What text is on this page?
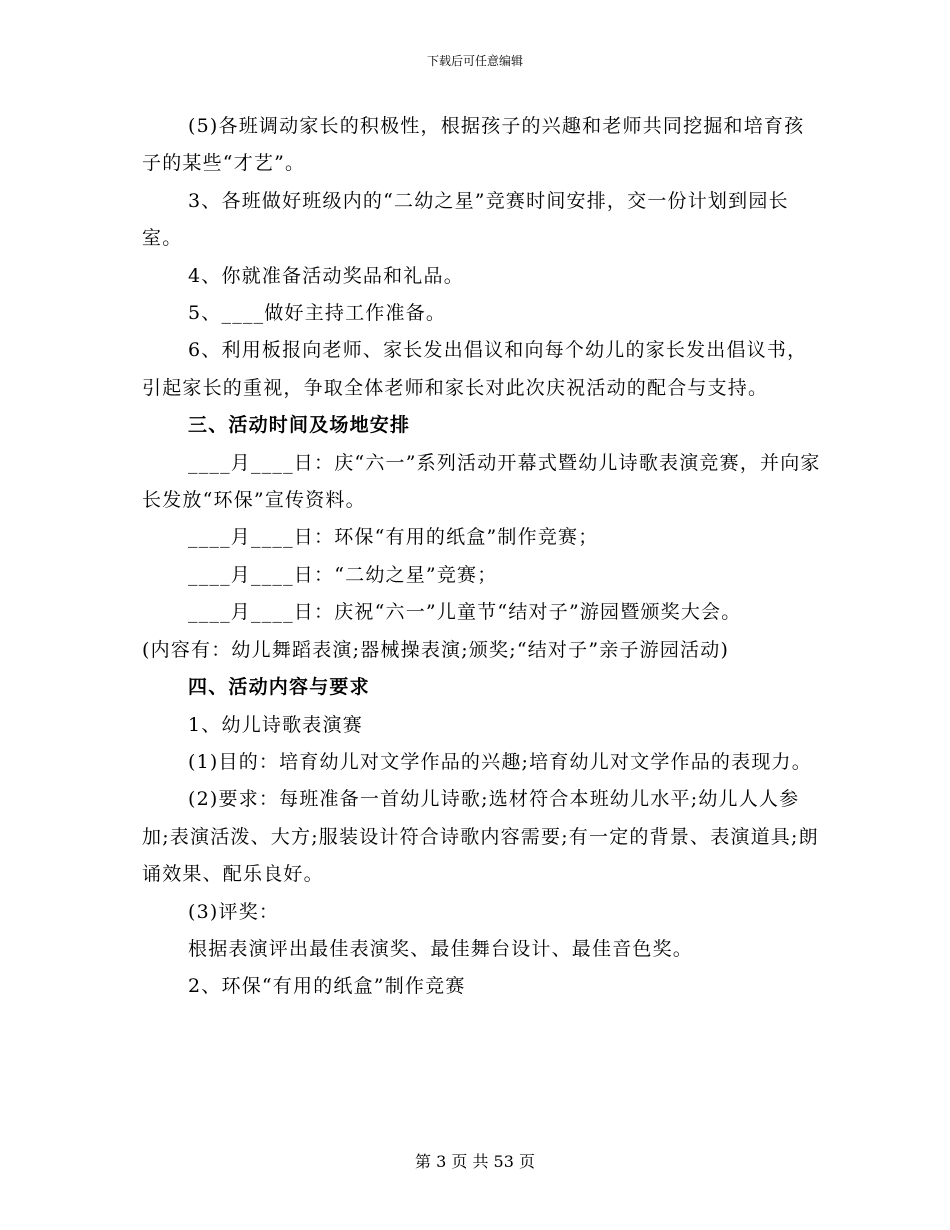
下载后可任意编辑

(5)各班调动家长的积极性，根据孩子的兴趣和老师共同挖掘和培育孩子的某些“才艺”。

3、各班做好班级内的“二幼之星”竞赛时间安排，交一份计划到园长室。

4、你就准备活动奖品和礼品。

5、____做好主持工作准备。

6、利用板报向老师、家长发出倡议和向每个幼儿的家长发出倡议书，引起家长的重视，争取全体老师和家长对此次庆祝活动的配合与支持。

三、活动时间及场地安排

____月____日：庆“六一”系列活动开幕式暨幼儿诗歌表演竞赛，并向家长发放“环保”宣传资料。

____月____日：环保“有用的纸盒”制作竞赛；

____月____日：“二幼之星”竞赛；

____月____日：庆祝“六一”儿童节“结对子”游园暨颁奖大会。

(内容有：幼儿舞蹈表演;器械操表演;颁奖;“结对子”亲子游园活动)

四、活动内容与要求

1、幼儿诗歌表演赛

(1)目的：培育幼儿对文学作品的兴趣;培育幼儿对文学作品的表现力。

(2)要求：每班准备一首幼儿诗歌;选材符合本班幼儿水平;幼儿人人参加;表演活泼、大方;服装设计符合诗歌内容需要;有一定的背景、表演道具;朗诵效果、配乐良好。

(3)评奖：

根据表演评出最佳表演奖、最佳舞台设计、最佳音色奖。

2、环保“有用的纸盒”制作竞赛

第 3 页 共 53 页
